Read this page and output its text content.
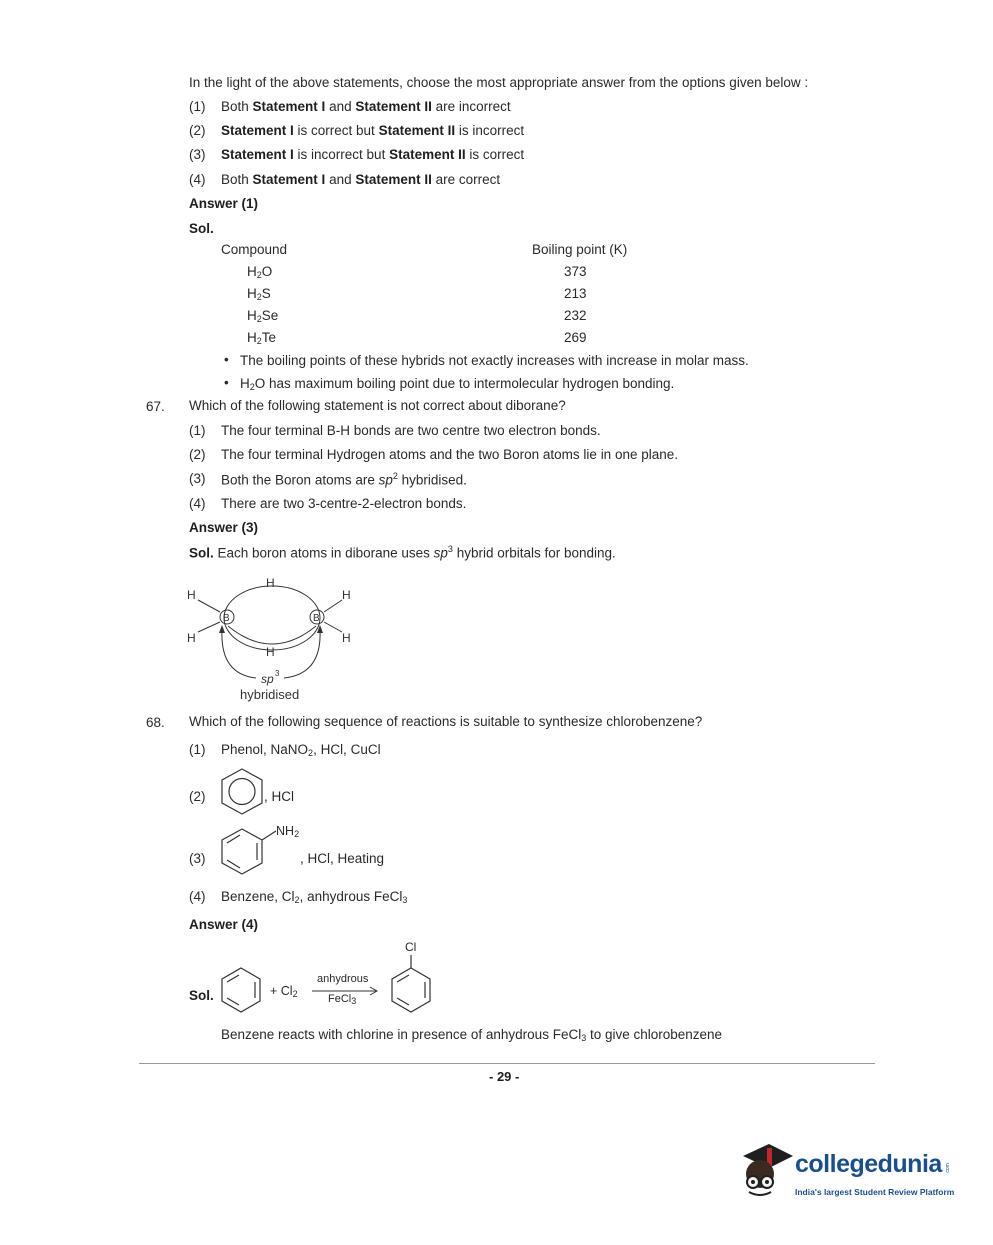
In the light of the above statements, choose the most appropriate answer from the options given below :
(1) Both Statement I and Statement II are incorrect
(2) Statement I is correct but Statement II is incorrect
(3) Statement I is incorrect but Statement II is correct
(4) Both Statement I and Statement II are correct
Answer (1)
Sol.
Compound	Boiling point (K)
$H_2O$	373
$H_2S$	213
$H_2Se$	232
$H_2Te$	269
• The boiling points of these hybrids not exactly increases with increase in molar mass.
• $H_2O$ has maximum boiling point due to intermolecular hydrogen bonding.
67. Which of the following statement is not correct about diborane?
(1) The four terminal B-H bonds are two centre two electron bonds.
(2) The four terminal Hydrogen atoms and the two Boron atoms lie in one plane.
(3) Both the Boron atoms are $sp^2$ hybridised.
(4) There are two 3-centre-2-electron bonds.
Answer (3)
Sol. Each boron atoms in diborane uses $sp^3$ hybrid orbitals for bonding.
H
H
H
H
H
H
B	B
sp 3
hybridised
68. Which of the following sequence of reactions is suitable to synthesize chlorobenzene?
(1) Phenol, NaNO$_2$, HCl, CuCl
(2)	, HCl
(3)
$NH_2$
, HCl, Heating
(4) Benzene, $Cl_2$, anhydrous FeCl$_3$
Answer (4)
Sol.	+ $Cl_2$
anhydrous
FeCl$_3$
Cl
Benzene reacts with chlorine in presence of anhydrous FeCl$_3$ to give chlorobenzene
- 29 -
collegedunia .com
India's largest Student Review Platform
